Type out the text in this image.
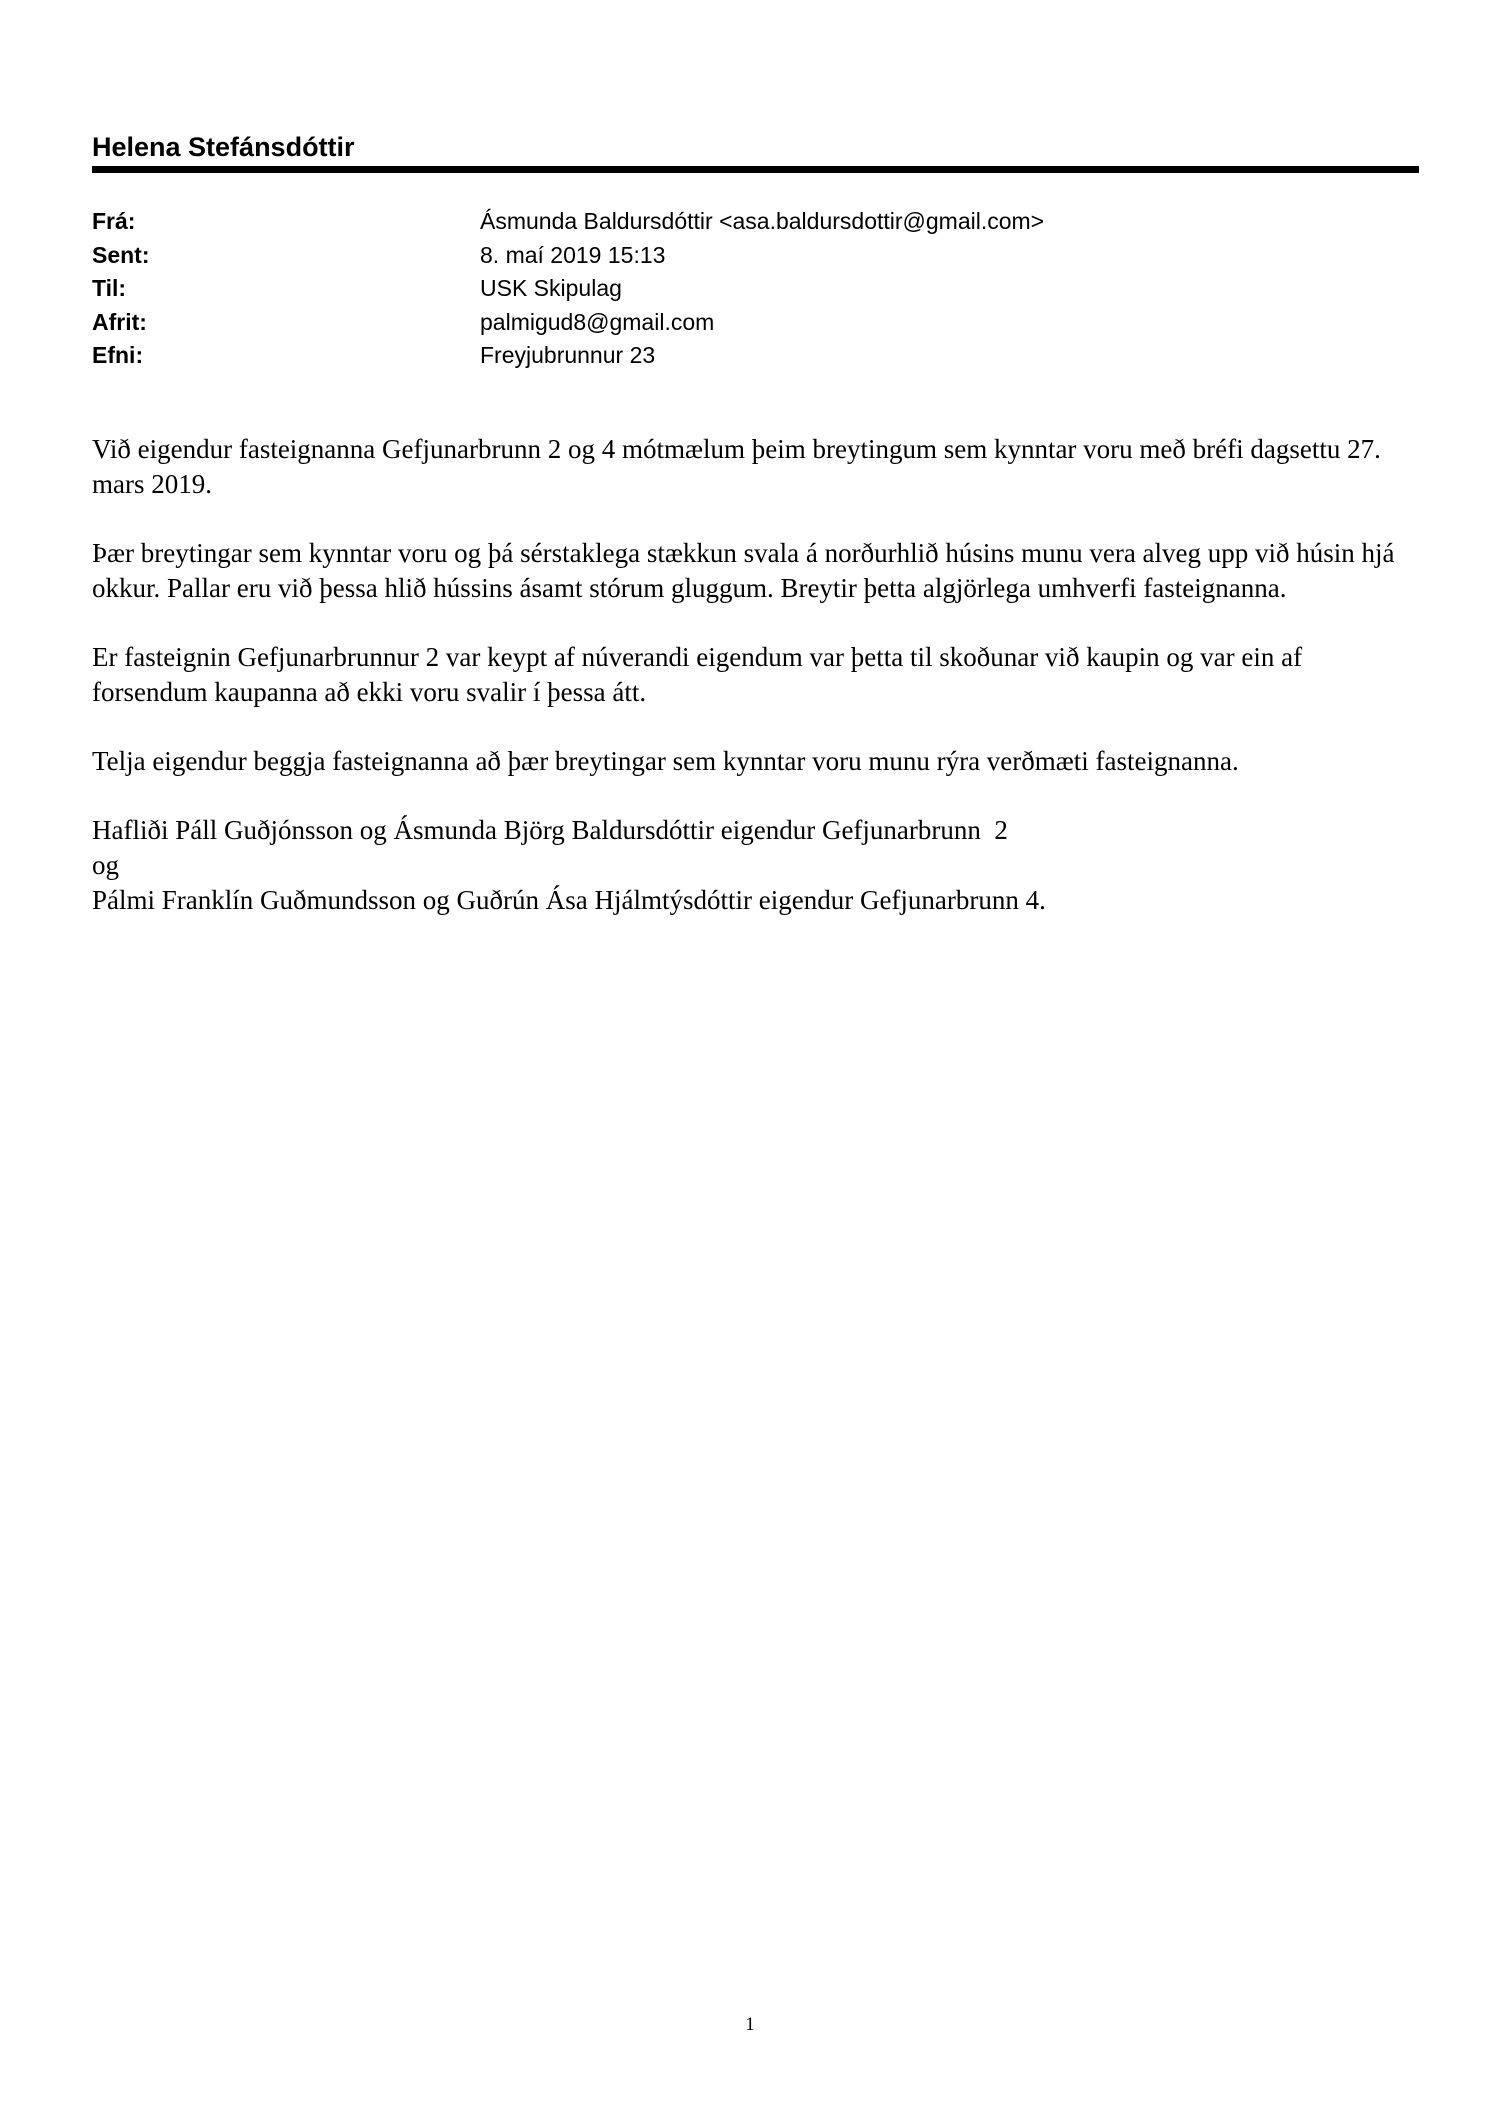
Helena Stefánsdóttir
Frá:	Ásmunda Baldursdóttir <asa.baldursdottir@gmail.com>
Sent:	8. maí 2019 15:13
Til:	USK Skipulag
Afrit:	palmigud8@gmail.com
Efni:	Freyjubrunnur 23

Við eigendur fasteignanna Gefjunarbrunn 2 og 4 mótmælum þeim breytingum sem kynntar voru með bréfi dagsettu 27. mars 2019.

Þær breytingar sem kynntar voru og þá sérstaklega stækkun svala á norðurhlið húsins munu vera alveg upp við húsin hjá okkur. Pallar eru við þessa hlið hússins ásamt stórum gluggum. Breytir þetta algjörlega umhverfi fasteignanna.

Er fasteignin Gefjunarbrunnur 2 var keypt af núverandi eigendum var þetta til skoðunar við kaupin og var ein af forsendum kaupanna að ekki voru svalir í þessa átt.

Telja eigendur beggja fasteignanna að þær breytingar sem kynntar voru munu rýra verðmæti fasteignanna.

Hafliði Páll Guðjónsson og Ásmunda Björg Baldursdóttir eigendur Gefjunarbrunn  2
og
Pálmi Franklín Guðmundsson og Guðrún Ása Hjálmtýsdóttir eigendur Gefjunarbrunn 4.
1
